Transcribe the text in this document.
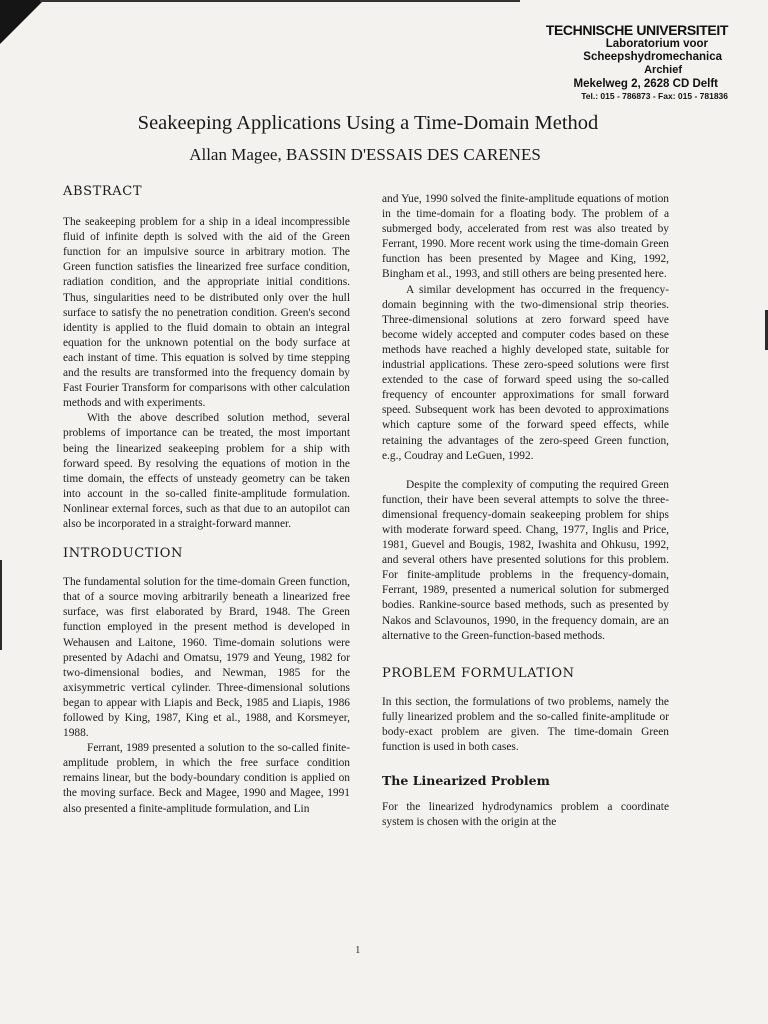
TECHNISCHE UNIVERSITEIT
Laboratorium voor
Scheepshydromechanica
Archief
Mekelweg 2, 2628 CD Delft
Tel.: 015 - 786873 - Fax: 015 - 781836
Seakeeping Applications Using a Time-Domain Method
Allan Magee, BASSIN D'ESSAIS DES CARENES
ABSTRACT

The seakeeping problem for a ship in a ideal incompressible fluid of infinite depth is solved with the aid of the Green function for an impulsive source in arbitrary motion. The Green function satisfies the linearized free surface condition, radiation condition, and the appropriate initial conditions. Thus, singularities need to be distributed only over the hull surface to satisfy the no penetration condition. Green's second identity is applied to the fluid domain to obtain an integral equation for the unknown potential on the body surface at each instant of time. This equation is solved by time stepping and the results are transformed into the frequency domain by Fast Fourier Transform for comparisons with other calculation methods and with experiments.

With the above described solution method, several problems of importance can be treated, the most important being the linearized seakeeping problem for a ship with forward speed. By resolving the equations of motion in the time domain, the effects of unsteady geometry can be taken into account in the so-called finite-amplitude formulation. Nonlinear external forces, such as that due to an autopilot can also be incorporated in a straight-forward manner.

INTRODUCTION

The fundamental solution for the time-domain Green function, that of a source moving arbitrarily beneath a linearized free surface, was first elaborated by Brard, 1948. The Green function employed in the present method is developed in Wehausen and Laitone, 1960. Time-domain solutions were presented by Adachi and Omatsu, 1979 and Yeung, 1982 for two-dimensional bodies, and Newman, 1985 for the axisymmetric vertical cylinder. Three-dimensional solutions began to appear with Liapis and Beck, 1985 and Liapis, 1986 followed by King, 1987, King et al., 1988, and Korsmeyer, 1988.

Ferrant, 1989 presented a solution to the so-called finite-amplitude problem, in which the free surface condition remains linear, but the body-boundary condition is applied on the moving surface. Beck and Magee, 1990 and Magee, 1991 also presented a finite-amplitude formulation, and Lin

and Yue, 1990 solved the finite-amplitude equations of motion in the time-domain for a floating body. The problem of a submerged body, accelerated from rest was also treated by Ferrant, 1990. More recent work using the time-domain Green function has been presented by Magee and King, 1992, Bingham et al., 1993, and still others are being presented here.

A similar development has occurred in the frequency-domain beginning with the two-dimensional strip theories. Three-dimensional solutions at zero forward speed have become widely accepted and computer codes based on these methods have reached a highly developed state, suitable for industrial applications. These zero-speed solutions were first extended to the case of forward speed using the so-called frequency of encounter approximations for small forward speed. Subsequent work has been devoted to approximations which capture some of the forward speed effects, while retaining the advantages of the zero-speed Green function, e.g., Coudray and LeGuen, 1992.

Despite the complexity of computing the required Green function, their have been several attempts to solve the three-dimensional frequency-domain seakeeping problem for ships with moderate forward speed. Chang, 1977, Inglis and Price, 1981, Guevel and Bougis, 1982, Iwashita and Ohkusu, 1992, and several others have presented solutions for this problem. For finite-amplitude problems in the frequency-domain, Ferrant, 1989, presented a numerical solution for submerged bodies. Rankine-source based methods, such as presented by Nakos and Sclavounos, 1990, in the frequency domain, are an alternative to the Green-function-based methods.

PROBLEM FORMULATION

In this section, the formulations of two problems, namely the fully linearized problem and the so-called finite-amplitude or body-exact problem are given. The time-domain Green function is used in both cases.

The Linearized Problem

For the linearized hydrodynamics problem a coordinate system is chosen with the origin at the

1
